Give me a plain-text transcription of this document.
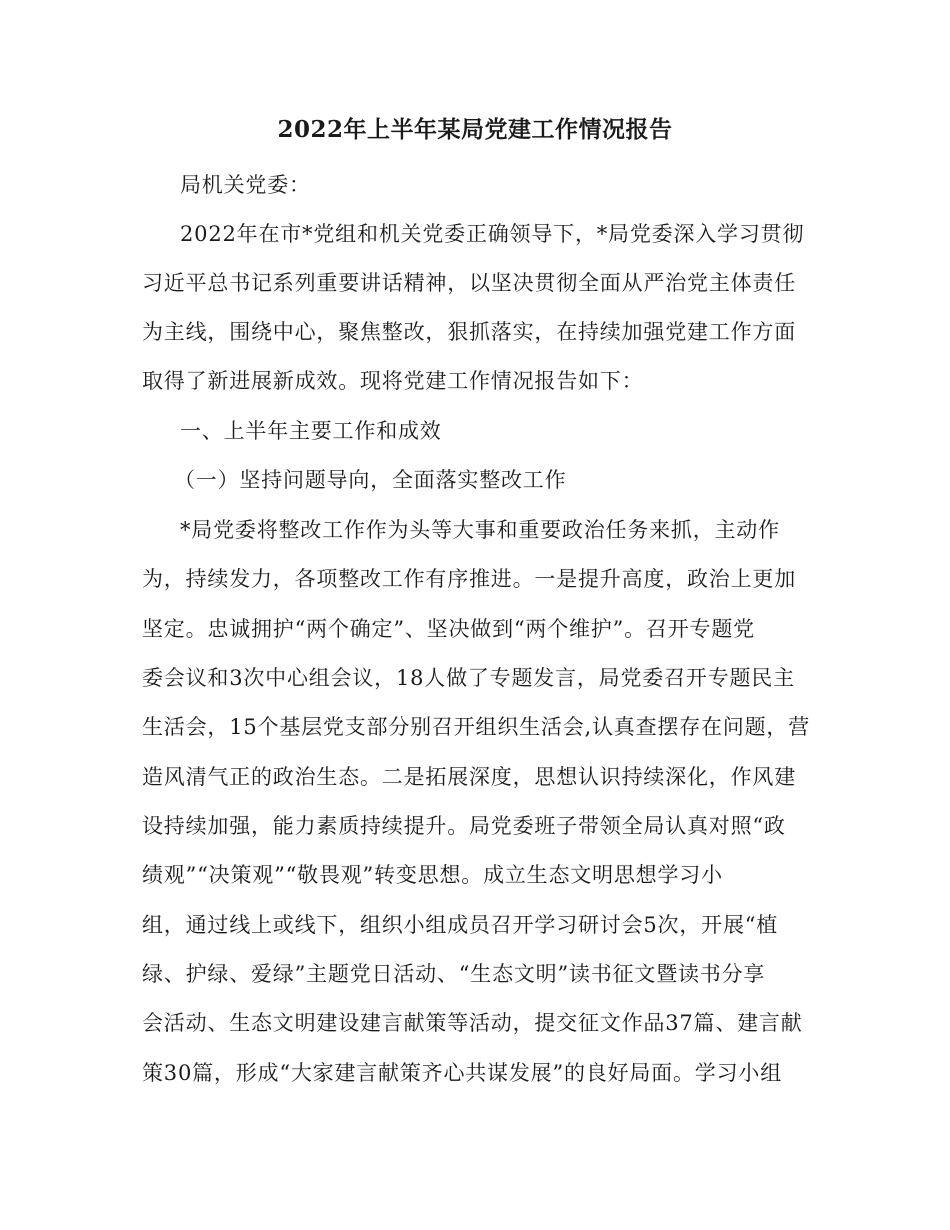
2022年上半年某局党建工作情况报告
局机关党委：
2022年在市*党组和机关党委正确领导下，*局党委深入学习贯彻
习近平总书记系列重要讲话精神，以坚决贯彻全面从严治党主体责任
为主线，围绕中心，聚焦整改，狠抓落实，在持续加强党建工作方面
取得了新进展新成效。现将党建工作情况报告如下：
一、上半年主要工作和成效
（一）坚持问题导向，全面落实整改工作
*局党委将整改工作作为头等大事和重要政治任务来抓，主动作
为，持续发力，各项整改工作有序推进。一是提升高度，政治上更加
坚定。忠诚拥护“两个确定”、坚决做到“两个维护”。召开专题党
委会议和3次中心组会议，18人做了专题发言，局党委召开专题民主
生活会，15个基层党支部分别召开组织生活会,认真查摆存在问题，营
造风清气正的政治生态。二是拓展深度，思想认识持续深化，作风建
设持续加强，能力素质持续提升。局党委班子带领全局认真对照“政
绩观”“决策观”“敬畏观”转变思想。成立生态文明思想学习小
组，通过线上或线下，组织小组成员召开学习研讨会5次，开展“植
绿、护绿、爱绿”主题党日活动、“生态文明”读书征文暨读书分享
会活动、生态文明建设建言献策等活动，提交征文作品37篇、建言献
策30篇，形成“大家建言献策齐心共谋发展”的良好局面。学习小组
